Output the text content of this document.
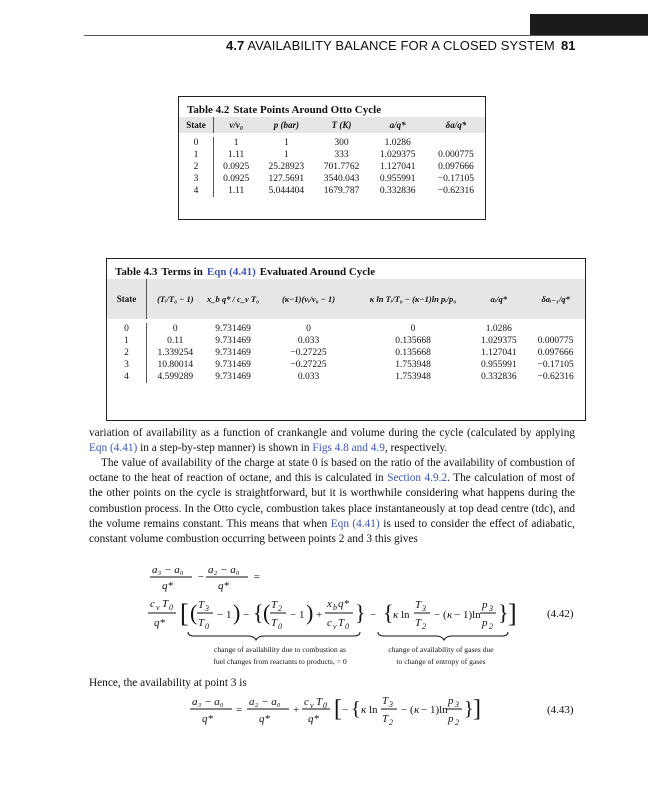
4.7 AVAILABILITY BALANCE FOR A CLOSED SYSTEM 81
Table 4.2 State Points Around Otto Cycle
State	v/v₀	p (bar)	T (K)	a/q*	δa/q*

0	1	1	300	1.0286	
1	1.11	1	333	1.029375	0.000775
2	0.0925	25.28923	701.7762	1.127041	0.097666
3	0.0925	127.5691	3540.043	0.955991	−0.17105
4	1.11	5.044404	1679.787	0.332836	−0.62316
Table 4.3 Terms in Eqn (4.41) Evaluated Around Cycle
State	(Tᵢ/T₀ − 1)	x_b q* / c_v T₀	(κ−1)(vᵢ/v₀ − 1)	κ ln Tᵢ/T₀ − (κ−1)ln pᵢ/p₀	aᵢ/q*	δaᵢ₋₁/q*

0	0	9.731469	0	0	1.0286	
1	0.11	9.731469	0.033	0.135668	1.029375	0.000775
2	1.339254	9.731469	−0.27225	0.135668	1.127041	0.097666
3	10.80014	9.731469	−0.27225	1.753948	0.955991	−0.17105
4	4.599289	9.731469	0.033	1.753948	0.332836	−0.62316
variation of availability as a function of crankangle and volume during the cycle (calculated by applying Eqn (4.41) in a step-by-step manner) is shown in Figs 4.8 and 4.9, respectively.
The value of availability of the charge at state 0 is based on the ratio of the availability of combustion of octane to the heat of reaction of octane, and this is calculated in Section 4.9.2. The calculation of most of the other points on the cycle is straightforward, but it is worthwhile considering what happens during the combustion process. In the Otto cycle, combustion takes place instantaneously at top dead centre (tdc), and the volume remains constant. This means that when Eqn (4.41) is used to consider the effect of adiabatic, constant volume combustion occurring between points 2 and 3 this gives
a₃ − a₀
q*
−
a₂ − a₀
q*
=
c v T 0
q* [ ( T 3
T 0
− 1 ) − { ( T 2
T 0
− 1 ) +
x b q*
c v T 0
} − { κ ln
T 3
T 2
− ( κ − 1)ln
p 3
p 2
} ]
change of availability due to combustion as
fuel changes from reactants to products, = 0
change of availability of gases due
to change of entropy of gases
(4.42)
Hence, the availability at point 3 is
a₃ − a₀
q*
=
a₂ − a₀
q*
+
c v T 0
q* [ − { κ ln
T 3
T 2
− ( κ − 1)ln
p 3
p 2
} ]	(4.43)
